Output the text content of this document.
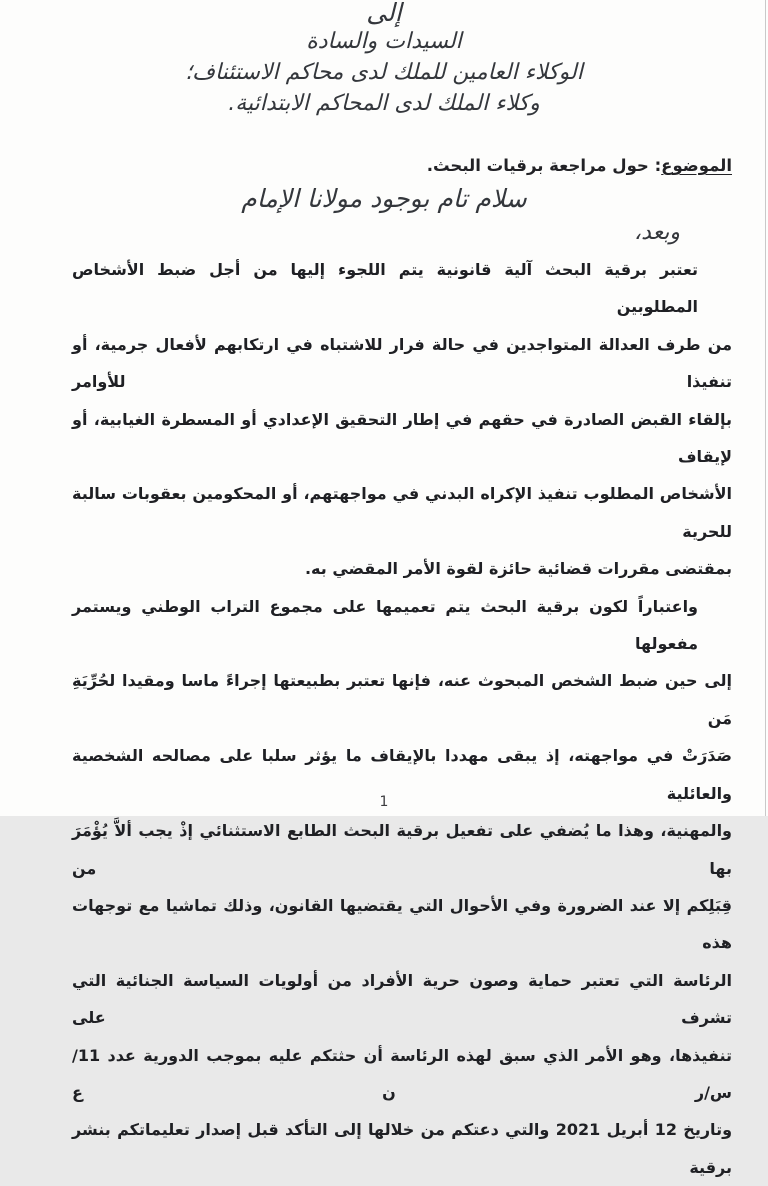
إلى
السيدات والسادة
الوكلاء العامين للملك لدى محاكم الاستئناف؛
وكلاء الملك لدى المحاكم الابتدائية.
الموضوع: حول مراجعة برقيات البحث.
سلام تام بوجود مولانا الإمام
وبعد،
تعتبر برقية البحث آلية قانونية يتم اللجوء إليها من أجل ضبط الأشخاص المطلوبين
من طرف العدالة المتواجدين في حالة فرار للاشتباه في ارتكابهم لأفعال جرمية، أو تنفيذا للأوامر
بإلقاء القبض الصادرة في حقهم في إطار التحقيق الإعدادي أو المسطرة الغيابية، أو لإيقاف
الأشخاص المطلوب تنفيذ الإكراه البدني في مواجهتهم، أو المحكومين بعقوبات سالبة للحرية
بمقتضى مقررات قضائية حائزة لقوة الأمر المقضي به.
واعتباراً لكون برقية البحث يتم تعميمها على مجموع التراب الوطني ويستمر مفعولها
إلى حين ضبط الشخص المبحوث عنه، فإنها تعتبر بطبيعتها إجراءً ماسا ومقيدا لحُرِّيَةِ مَن
صَدَرَتْ في مواجهته، إذ يبقى مهددا بالإيقاف ما يؤثر سلبا على مصالحه الشخصية والعائلية
والمهنية، وهذا ما يُضفي على تفعيل برقية البحث الطابع الاستثنائي إذْ يجب ألاَّ يُؤْمَرَ بها من
قِبَلِكم إلا عند الضرورة وفي الأحوال التي يقتضيها القانون، وذلك تماشيا مع توجهات هذه
الرئاسة التي تعتبر حماية وصون حرية الأفراد من أولويات السياسة الجنائية التي تشرف على
تنفيذها، وهو الأمر الذي سبق لهذه الرئاسة أن حثتكم عليه بموجب الدورية عدد 11/س/ر ن ع
وتاريخ 12 أبريل 2021 والتي دعتكم من خلالها إلى التأكد قبل إصدار تعليماتكم بنشر برقية
1
